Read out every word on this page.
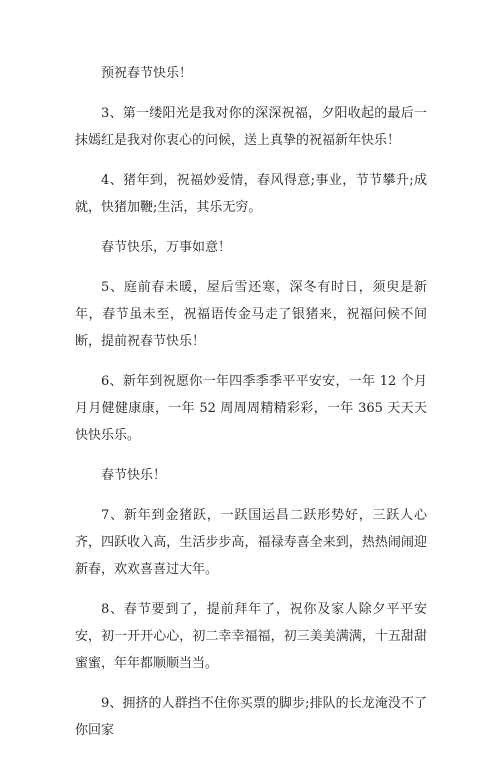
预祝春节快乐！

3、第一缕阳光是我对你的深深祝福，夕阳收起的最后一抹嫣红是我对你衷心的问候，送上真挚的祝福新年快乐！

4、猪年到，祝福妙爱情，春风得意;事业，节节攀升;成就，快猪加鞭;生活，其乐无穷。

春节快乐，万事如意！

5、庭前春未暖，屋后雪还寒，深冬有时日，须臾是新年，春节虽未至，祝福语传金马走了银猪来，祝福问候不间断，提前祝春节快乐！

6、新年到祝愿你一年四季季季平平安安，一年 12 个月月月健健康康，一年 52 周周周精精彩彩，一年 365 天天天快快乐乐。

春节快乐！

7、新年到金猪跃，一跃国运昌二跃形势好，三跃人心齐，四跃收入高，生活步步高，福禄寿喜全来到，热热闹闹迎新春，欢欢喜喜过大年。

8、春节要到了，提前拜年了，祝你及家人除夕平平安安，初一开开心心，初二幸幸福福，初三美美满满，十五甜甜蜜蜜，年年都顺顺当当。

9、拥挤的人群挡不住你买票的脚步;排队的长龙淹没不了你回家
